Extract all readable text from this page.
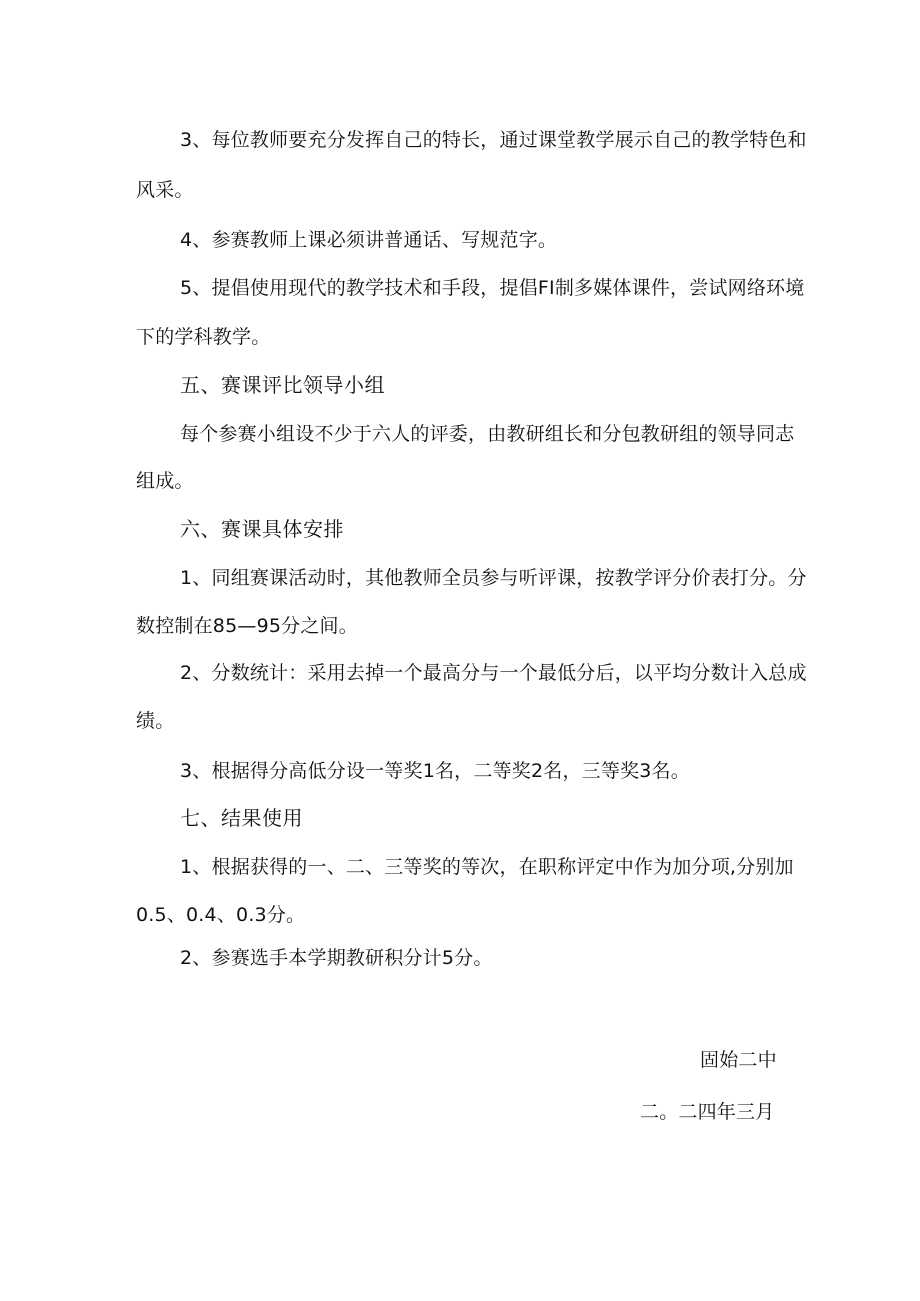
3、每位教师要充分发挥自己的特长，通过课堂教学展示自己的教学特色和
风采。
4、参赛教师上课必须讲普通话、写规范字。
5、提倡使用现代的教学技术和手段，提倡FI制多媒体课件，尝试网络环境
下的学科教学。
五、赛课评比领导小组
每个参赛小组设不少于六人的评委，由教研组长和分包教研组的领导同志
组成。
六、赛课具体安排
1、同组赛课活动时，其他教师全员参与听评课，按教学评分价表打分。分
数控制在85—95分之间。
2、分数统计：采用去掉一个最高分与一个最低分后，以平均分数计入总成
绩。
3、根据得分高低分设一等奖1名，二等奖2名，三等奖3名。
七、结果使用
1、根据获得的一、二、三等奖的等次，在职称评定中作为加分项,分别加
0.5、0.4、0.3分。
2、参赛选手本学期教研积分计5分。
固始二中
二。二四年三月
